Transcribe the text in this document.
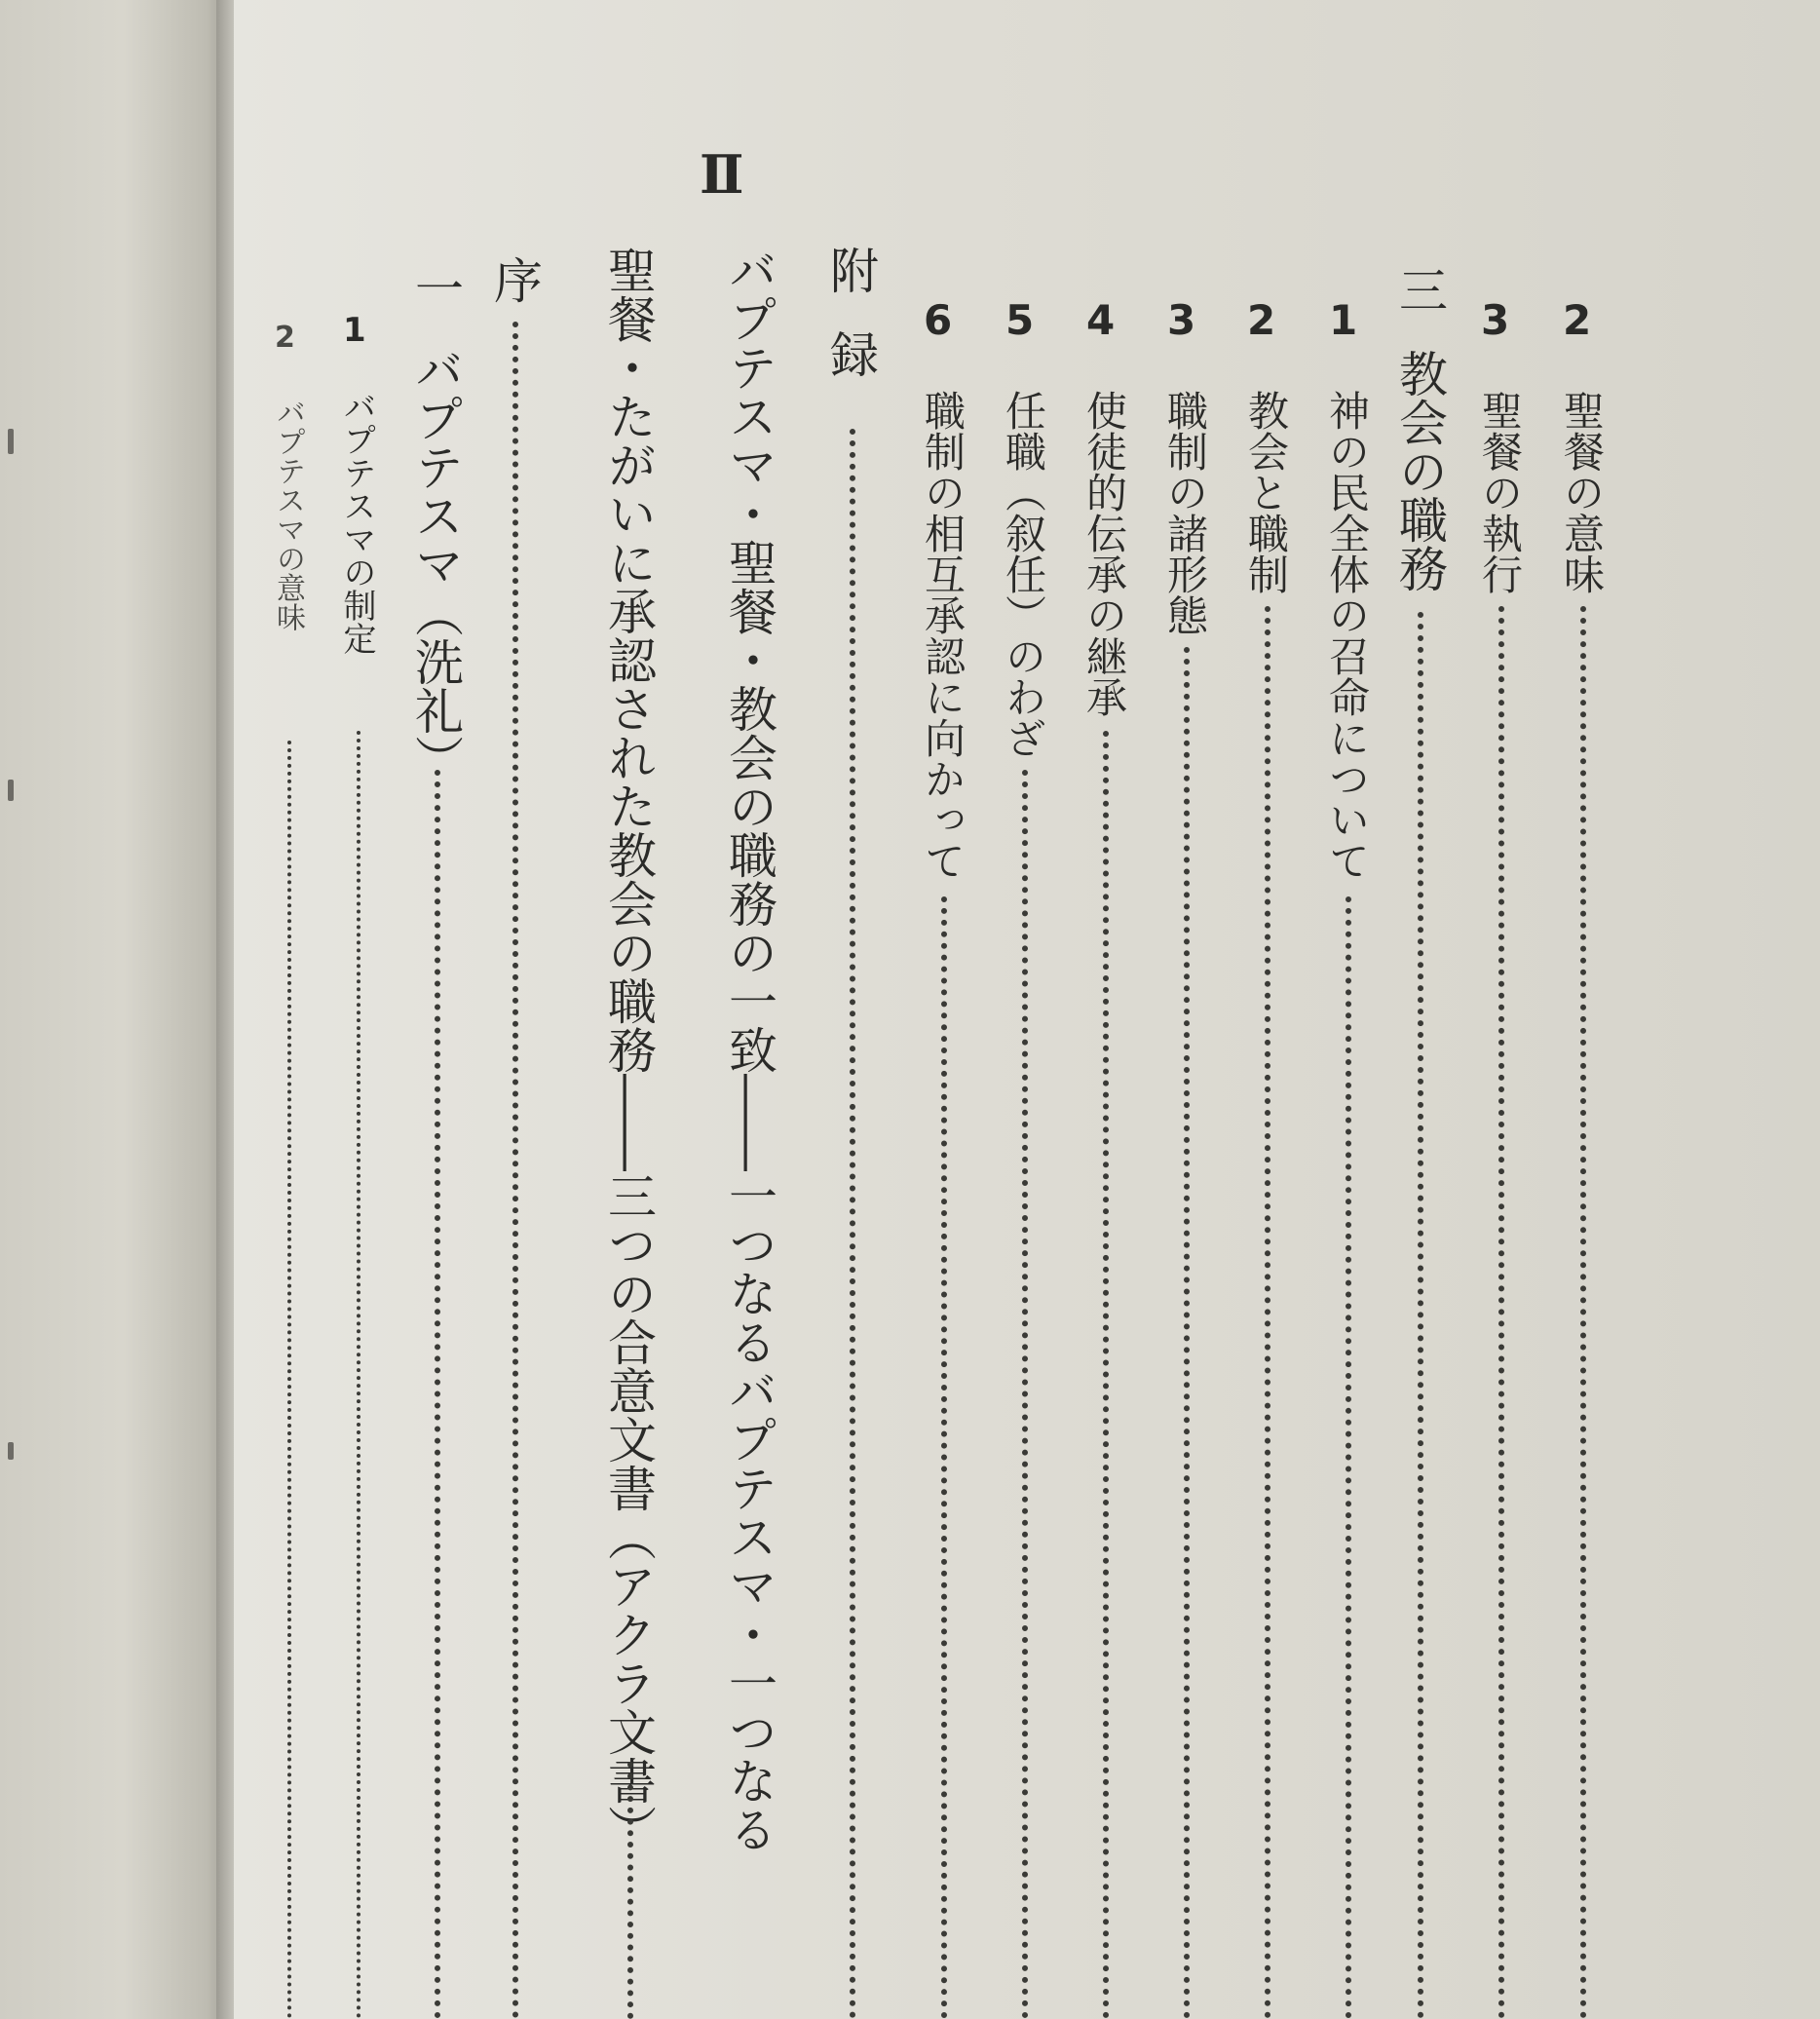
2
聖餐の意味
3
聖餐の執行
三
教会の職務
1
神の民全体の召命について
2
教会と職制
3
職制の諸形態
4
使徒的伝承の継承
5
任職（叙任）のわざ
6
職制の相互承認に向かって
附録
Ⅱ
バプテスマ・聖餐・教会の職務の一致――一つなるバプテスマ・一つなる
聖餐・たがいに承認された教会の職務――三つの合意文書（アクラ文書）
序
一
バプテスマ（洗礼）
1
バプテスマの制定
2
バプテスマの意味
